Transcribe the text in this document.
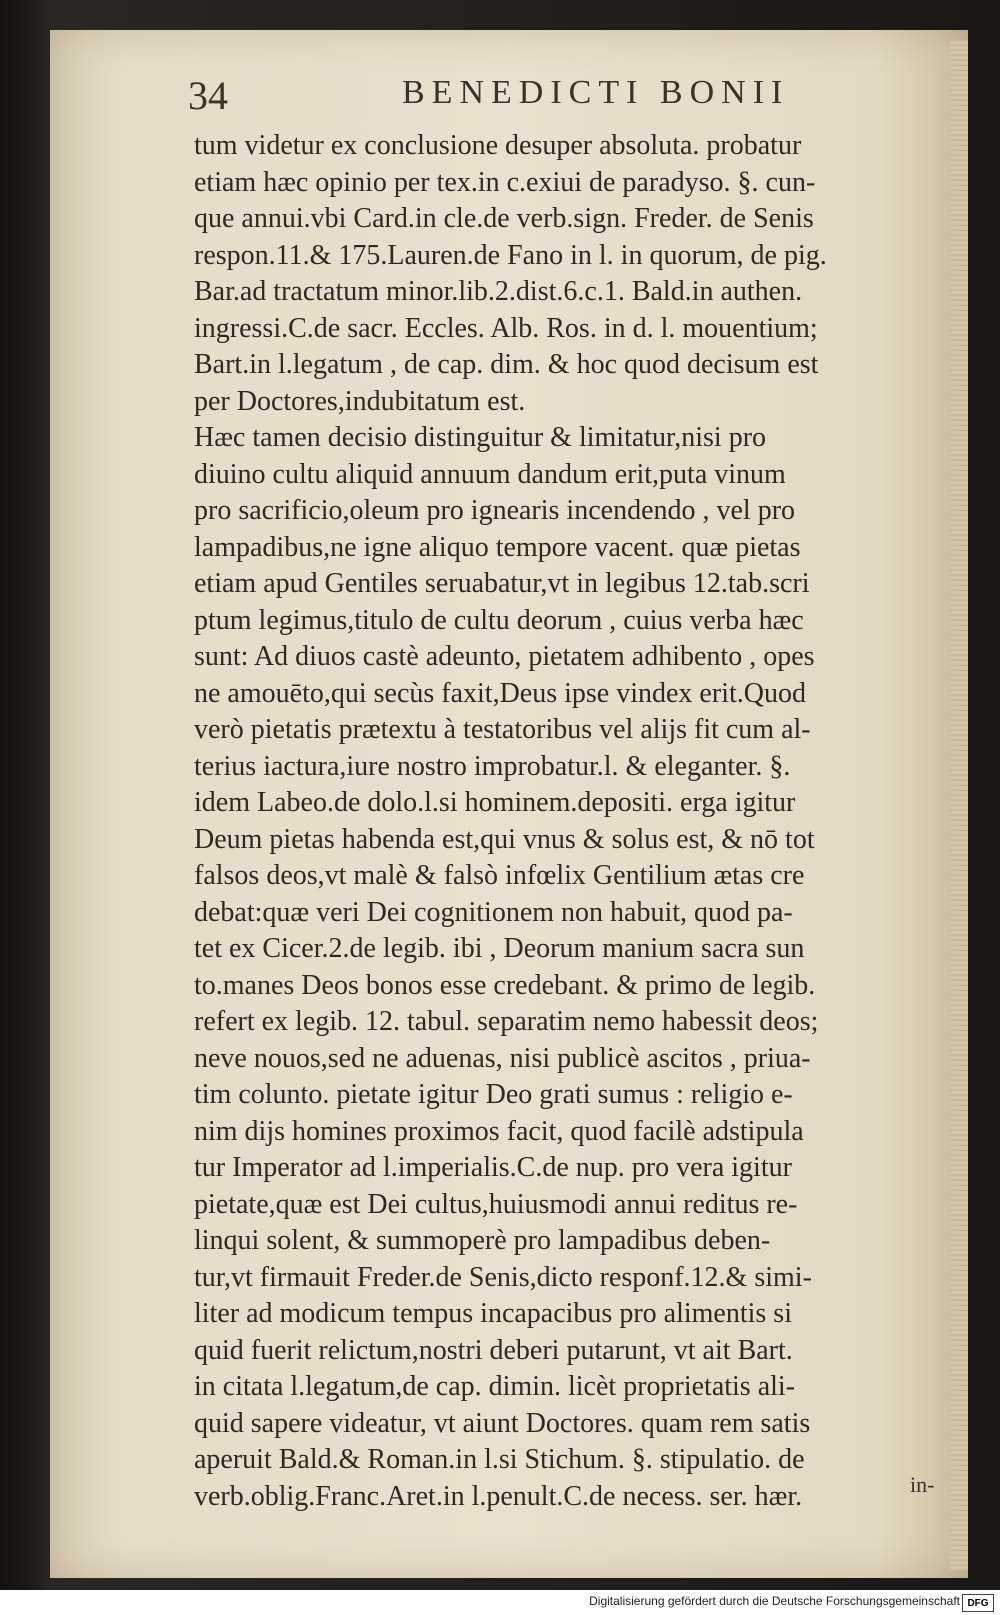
34	BENEDICTI BONII
tum videtur ex conclusione desuper absoluta. probatur
etiam hæc opinio per tex.in c.exiui de paradyso. §. cun-
que annui.vbi Card.in cle.de verb.sign. Freder. de Senis
respon.11.& 175.Lauren.de Fano in l. in quorum, de pig.
Bar.ad tractatum minor.lib.2.dist.6.c.1. Bald.in authen.
ingressi.C.de sacr. Eccles. Alb. Ros. in d. l. mouentium;
Bart.in l.legatum , de cap. dim. & hoc quod decisum est
per Doctores,indubitatum est.
Hæc tamen decisio distinguitur & limitatur,nisi pro
diuino cultu aliquid annuum dandum erit,puta vinum
pro sacrificio,oleum pro ignearis incendendo , vel pro
lampadibus,ne igne aliquo tempore vacent. quæ pietas
etiam apud Gentiles seruabatur,vt in legibus 12.tab.scri
ptum legimus,titulo de cultu deorum , cuius verba hæc
sunt: Ad diuos castè adeunto, pietatem adhibento , opes
ne amouēto,qui secùs faxit,Deus ipse vindex erit.Quod
verò pietatis prætextu à testatoribus vel alijs fit cum al-
terius iactura,iure nostro improbatur.l. & eleganter. §.
idem Labeo.de dolo.l.si hominem.depositi. erga igitur
Deum pietas habenda est,qui vnus & solus est, & nō tot
falsos deos,vt malè & falsò infœlix Gentilium ætas cre
debat:quæ veri Dei cognitionem non habuit, quod pa-
tet ex Cicer.2.de legib. ibi , Deorum manium sacra sun
to.manes Deos bonos esse credebant. & primo de legib.
refert ex legib. 12. tabul. separatim nemo habessit deos;
neve nouos,sed ne aduenas, nisi publicè ascitos , priua-
tim colunto. pietate igitur Deo grati sumus : religio e-
nim dijs homines proximos facit, quod facilè adstipula
tur Imperator ad l.imperialis.C.de nup. pro vera igitur
pietate,quæ est Dei cultus,huiusmodi annui reditus re-
linqui solent, & summoperè pro lampadibus deben-
tur,vt firmauit Freder.de Senis,dicto responf.12.& simi-
liter ad modicum tempus incapacibus pro alimentis si
quid fuerit relictum,nostri deberi putarunt, vt ait Bart.
in citata l.legatum,de cap. dimin. licèt proprietatis ali-
quid sapere videatur, vt aiunt Doctores. quam rem satis
aperuit Bald.& Roman.in l.si Stichum. §. stipulatio. de
verb.oblig.Franc.Aret.in l.penult.C.de necess. ser. hær.	in-
Digitalisierung gefördert durch die Deutsche Forschungsgemeinschaft DFG
